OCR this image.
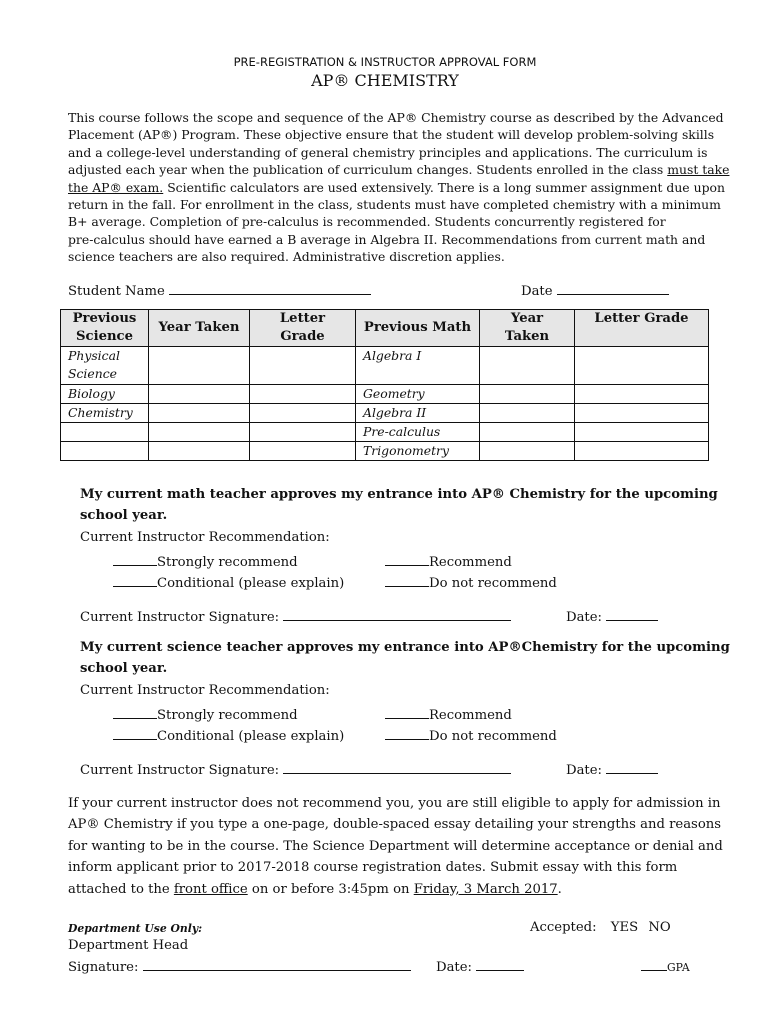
PRE-REGISTRATION & INSTRUCTOR APPROVAL FORM
AP® CHEMISTRY
This course follows the scope and sequence of the AP® Chemistry course as described by the Advanced
Placement (AP®) Program. These objective ensure that the student will develop problem-solving skills
and a college-level understanding of general chemistry principles and applications. The curriculum is
adjusted each year when the publication of curriculum changes. Students enrolled in the class must take
the AP® exam. Scientific calculators are used extensively. There is a long summer assignment due upon
return in the fall. For enrollment in the class, students must have completed chemistry with a minimum
B+ average. Completion of pre-calculus is recommended. Students concurrently registered for
pre-calculus should have earned a B average in Algebra II. Recommendations from current math and
science teachers are also required. Administrative discretion applies.
Student Name	Date
Previous Science	Year Taken	Letter Grade	Previous Math	Year Taken	Letter Grade
Physical Science			Algebra I		

Biology			Geometry		
Chemistry			Algebra II		
			Pre-calculus		
			Trigonometry		
My current math teacher approves my entrance into AP® Chemistry for the upcoming
school year.
Current Instructor Recommendation:
Strongly recommend	Recommend
Conditional (please explain)	Do not recommend
Current Instructor Signature:	Date:
My current science teacher approves my entrance into AP®Chemistry for the upcoming
school year.
Current Instructor Recommendation:
Strongly recommend	Recommend
Conditional (please explain)	Do not recommend
Current Instructor Signature:	Date:
If your current instructor does not recommend you, you are still eligible to apply for admission in
AP® Chemistry if you type a one-page, double-spaced essay detailing your strengths and reasons
for wanting to be in the course. The Science Department will determine acceptance or denial and
inform applicant prior to 2017-2018 course registration dates. Submit essay with this form
attached to the front office on or before 3:45pm on Friday, 3 March 2017.
Department Use Only:	Accepted: YES NO
Department Head
Signature:	Date:	GPA
